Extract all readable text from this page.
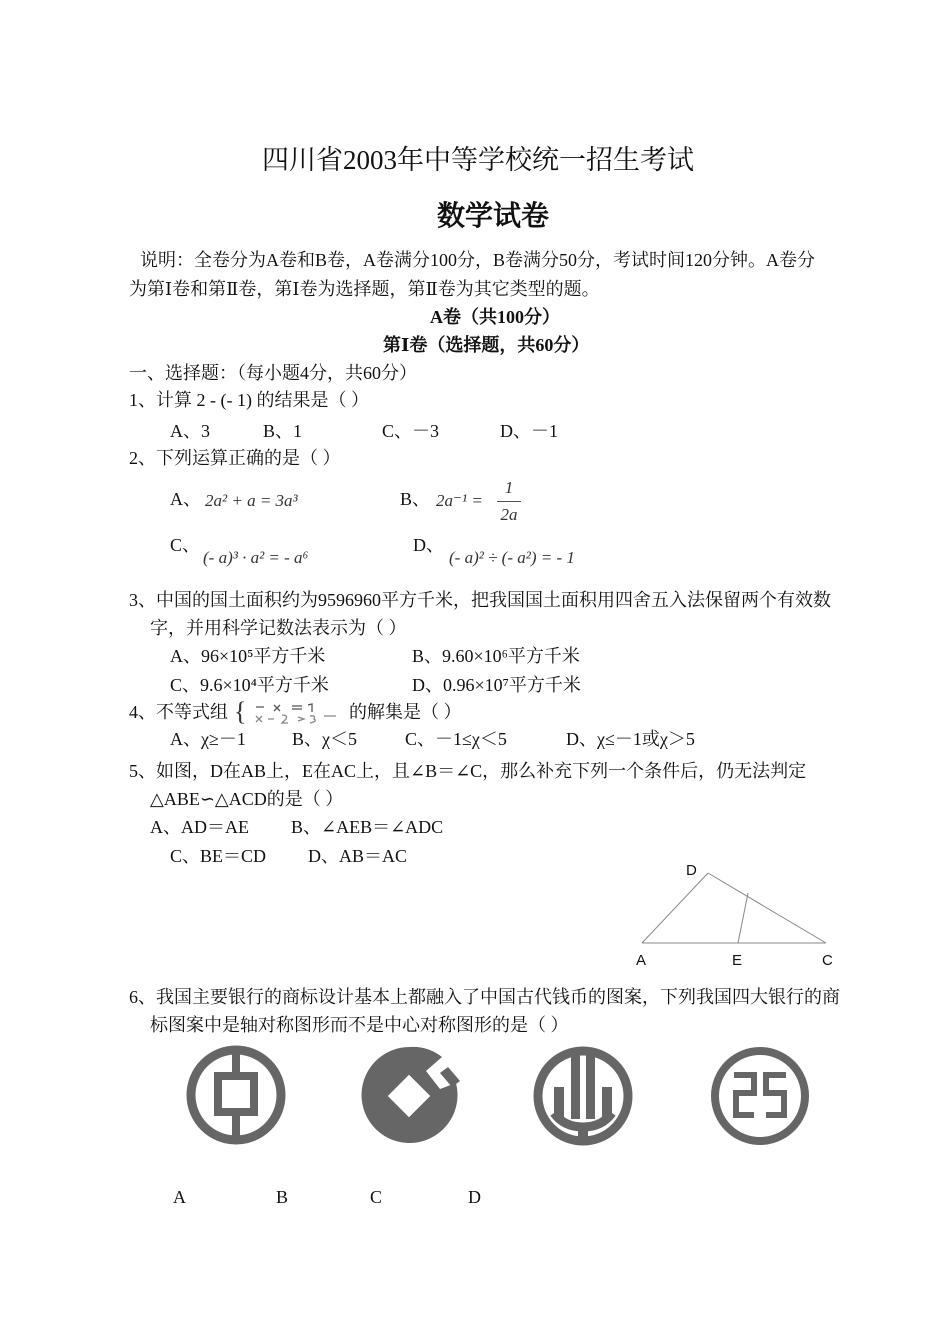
四川省2003年中等学校统一招生考试
数学试卷
说明：全卷分为A卷和B卷，A卷满分100分，B卷满分50分，考试时间120分钟。A卷分
为第Ⅰ卷和第Ⅱ卷，第Ⅰ卷为选择题，第Ⅱ卷为其它类型的题。
A卷（共100分）
第Ⅰ卷（选择题，共60分）
一、选择题：（每小题4分，共60分）
1、计算 2 - (- 1) 的结果是（ ）
A、3	B、1	C、－3	D、－1
2、下列运算正确的是（ ）
A、 2a² + a = 3a³	B、 2a⁻¹ =
1
2a
C、
(- a)³ · a² = - a⁶
D、
(- a)² ÷ (- a²) = - 1
3、中国的国土面积约为9596960平方千米，把我国国土面积用四舍五入法保留两个有效数
字，并用科学记数法表示为（ ）
A、96×10⁵平方千米	B、9.60×10⁶平方千米
C、9.6×10⁴平方千米	D、0.96×10⁷平方千米
4、不等式组 {	的解集是（ ）
A、χ≥－1	B、χ＜5	C、－1≤χ＜5	D、χ≤－1或χ＞5
5、如图，D在AB上，E在AC上，且∠B＝∠C，那么补充下列一个条件后，仍无法判定
△ABE∽△ACD的是（ ）
A、AD＝AE B、∠AEB＝∠ADC
C、BE＝CD D、AB＝AC
D
A	E	C
6、我国主要银行的商标设计基本上都融入了中国古代钱币的图案，下列我国四大银行的商
标图案中是轴对称图形而不是中心对称图形的是（ ）
A	B	C	D
